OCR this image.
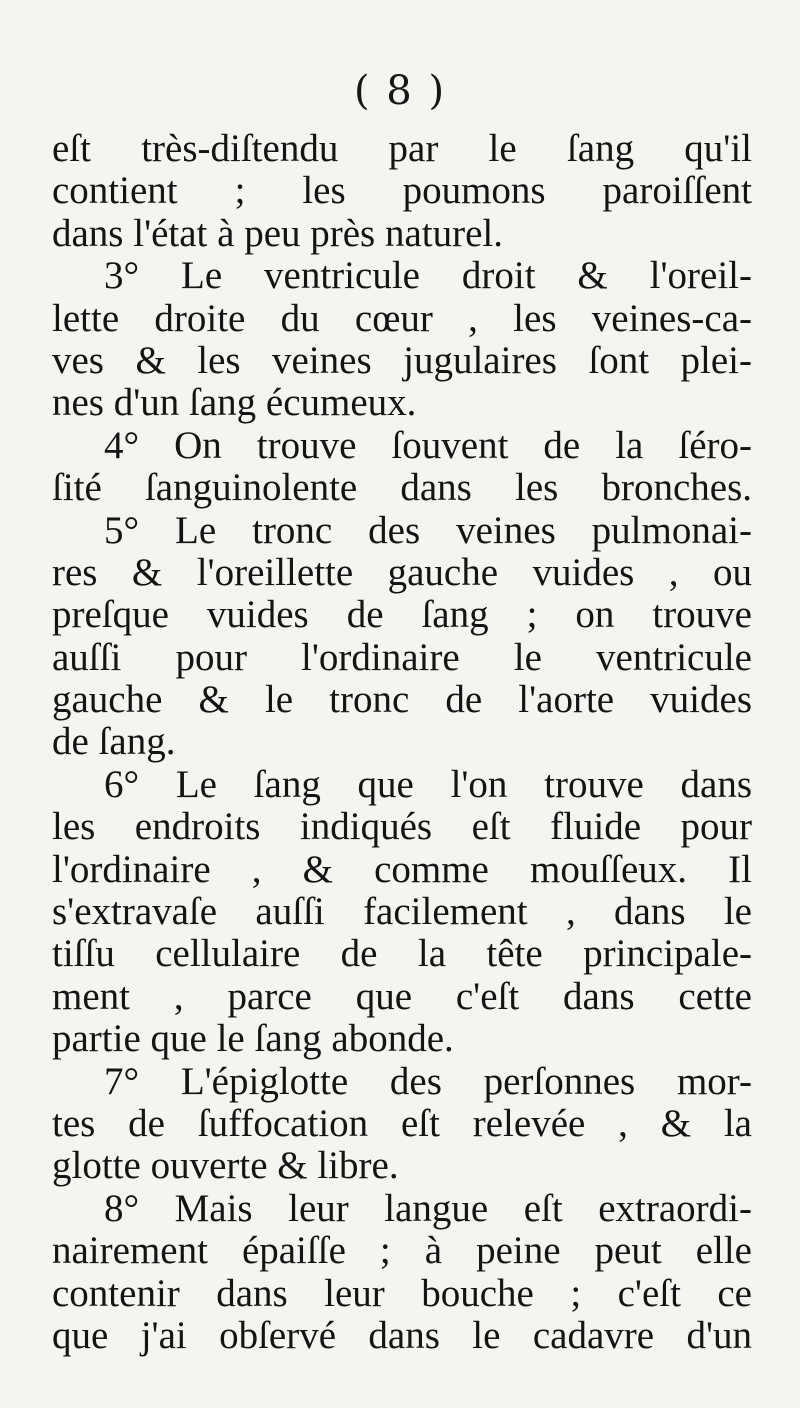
( 8 )
eſt très-diſtendu par le ſang qu'il
contient ; les poumons paroiſſent
dans l'état à peu près naturel.
3° Le ventricule droit & l'oreil-
lette droite du cœur , les veines-ca-
ves & les veines jugulaires ſont plei-
nes d'un ſang écumeux.
4° On trouve ſouvent de la ſéro-
ſité ſanguinolente dans les bronches.
5° Le tronc des veines pulmonai-
res & l'oreillette gauche vuides , ou
preſque vuides de ſang ; on trouve
auſſi pour l'ordinaire le ventricule
gauche & le tronc de l'aorte vuides
de ſang.
6° Le ſang que l'on trouve dans
les endroits indiqués eſt fluide pour
l'ordinaire , & comme mouſſeux. Il
s'extravaſe auſſi facilement , dans le
tiſſu cellulaire de la tête principale-
ment , parce que c'eſt dans cette
partie que le ſang abonde.
7° L'épiglotte des perſonnes mor-
tes de ſuffocation eſt relevée , & la
glotte ouverte & libre.
8° Mais leur langue eſt extraordi-
nairement épaiſſe ; à peine peut elle
contenir dans leur bouche ; c'eſt ce
que j'ai obſervé dans le cadavre d'un
